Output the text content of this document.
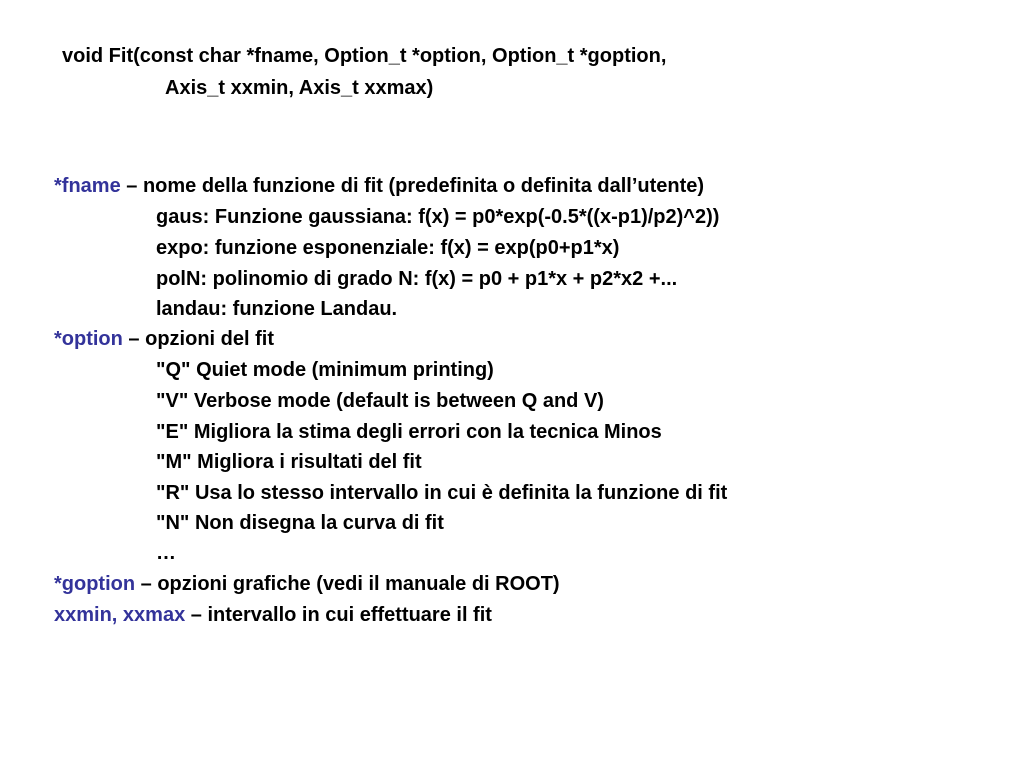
void Fit(const char *fname, Option_t *option, Option_t *goption,
Axis_t xxmin, Axis_t xxmax)
*fname – nome della funzione di fit (predefinita o definita dall’utente)
gaus: Funzione gaussiana: f(x) = p0*exp(-0.5*((x-p1)/p2)^2))
expo: funzione esponenziale: f(x) = exp(p0+p1*x)
polN: polinomio di grado N: f(x) = p0 + p1*x + p2*x2 +...
landau: funzione Landau.
*option – opzioni del fit
"Q" Quiet mode (minimum printing)
"V" Verbose mode (default is between Q and V)
"E" Migliora la stima degli errori con la tecnica Minos
"M" Migliora i risultati del fit
"R" Usa lo stesso intervallo in cui è definita la funzione di fit
"N" Non disegna la curva di fit
…
*goption – opzioni grafiche (vedi il manuale di ROOT)
xxmin, xxmax – intervallo in cui effettuare il fit
